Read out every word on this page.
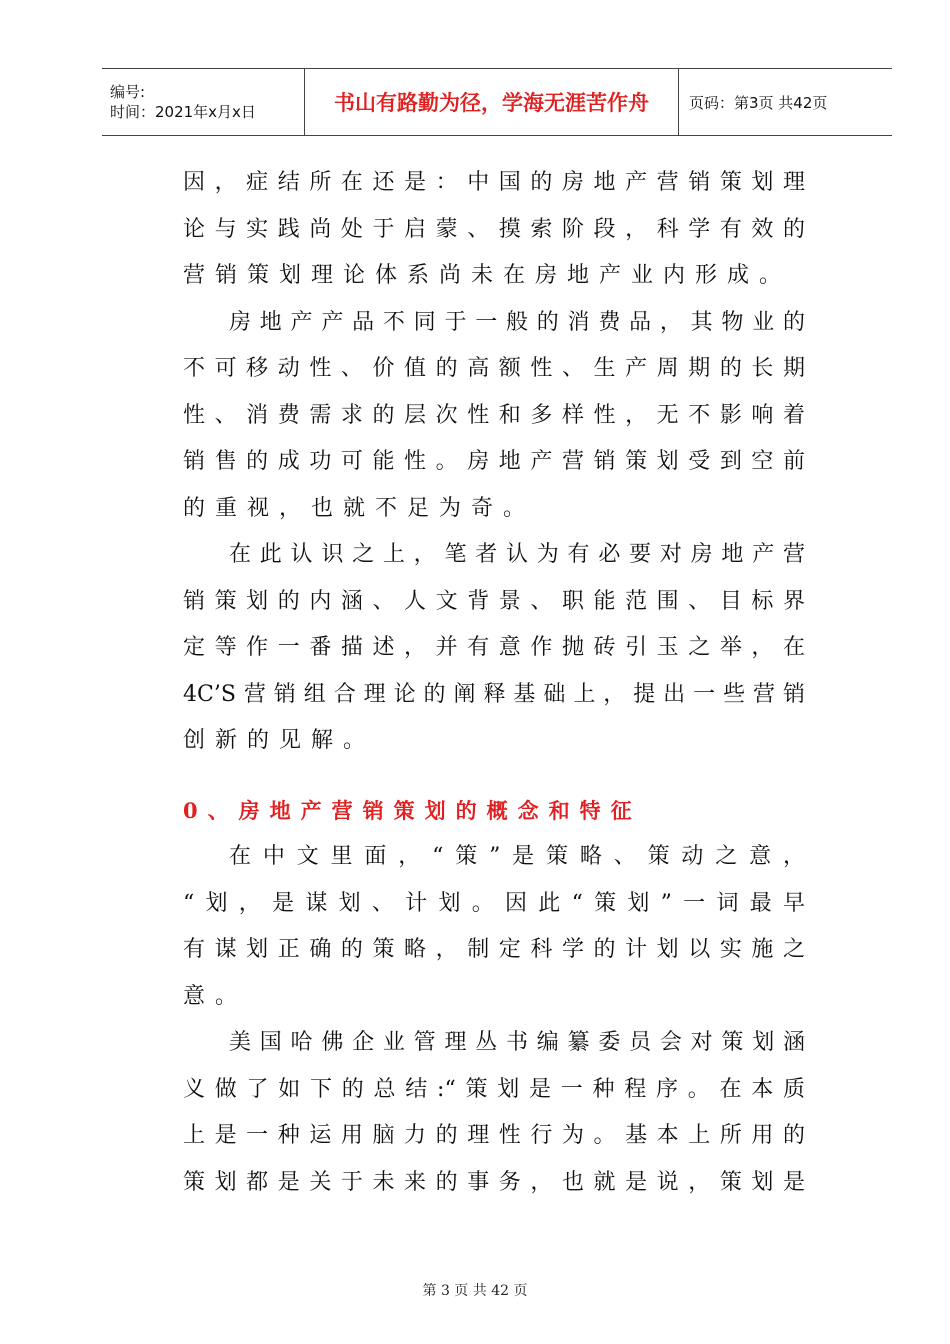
编号:
时间：2021年x月x日	书山有路勤为径，学海无涯苦作舟	页码：第3页 共42页
因，症结所在还是：中国的房地产营销策划理
论与实践尚处于启蒙、摸索阶段，科学有效的
营销策划理论体系尚未在房地产业内形成。
房地产产品不同于一般的消费品，其物业的
不可移动性、价值的高额性、生产周期的长期
性、消费需求的层次性和多样性，无不影响着
销售的成功可能性。房地产营销策划受到空前
的重视，也就不足为奇。
在此认识之上，笔者认为有必要对房地产营
销策划的内涵、人文背景、职能范围、目标界
定等作一番描述，并有意作抛砖引玉之举，在
4C’S营销组合理论的阐释基础上，提出一些营销
创新的见解。
0、房地产营销策划的概念和特征
在中文里面，“策”是策略、策动之意，
“划，是谋划、计划。因此“策划”一词最早
有谋划正确的策略，制定科学的计划以实施之
意。
美国哈佛企业管理丛书编纂委员会对策划涵
义做了如下的总结:“策划是一种程序。在本质
上是一种运用脑力的理性行为。基本上所用的
策划都是关于未来的事务，也就是说，策划是
第 3 页 共 42 页
